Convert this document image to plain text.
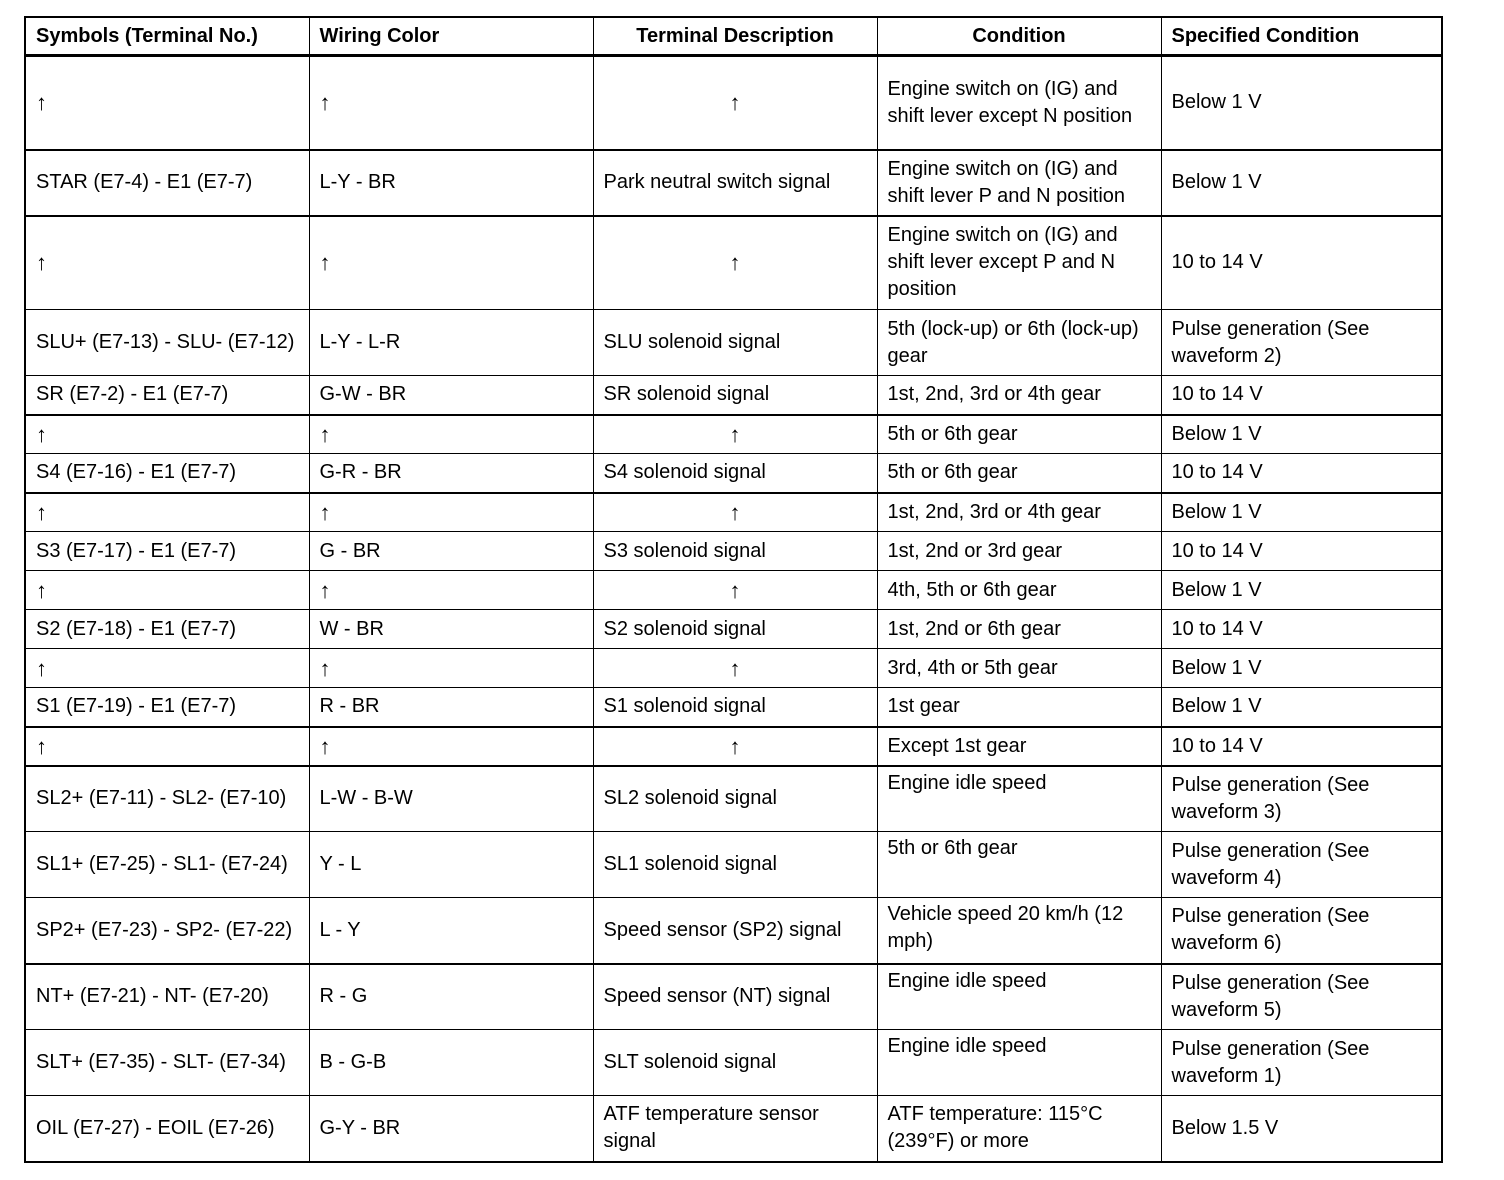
Symbols (Terminal No.)	Wiring Color	Terminal Description	Condition	Specified Condition
↑	↑	↑	Engine switch on (IG) and shift lever except N position	Below 1 V
STAR (E7-4) - E1 (E7-7)	L-Y - BR	Park neutral switch signal	Engine switch on (IG) and shift lever P and N position	Below 1 V
↑	↑	↑	Engine switch on (IG) and shift lever except P and N position	10 to 14 V
SLU+ (E7-13) - SLU- (E7-12)	L-Y - L-R	SLU solenoid signal	5th (lock-up) or 6th (lock-up) gear	Pulse generation (See waveform 2)
SR (E7-2) - E1 (E7-7)	G-W - BR	SR solenoid signal	1st, 2nd, 3rd or 4th gear	10 to 14 V
↑	↑	↑	5th or 6th gear	Below 1 V
S4 (E7-16) - E1 (E7-7)	G-R - BR	S4 solenoid signal	5th or 6th gear	10 to 14 V
↑	↑	↑	1st, 2nd, 3rd or 4th gear	Below 1 V
S3 (E7-17) - E1 (E7-7)	G - BR	S3 solenoid signal	1st, 2nd or 3rd gear	10 to 14 V
↑	↑	↑	4th, 5th or 6th gear	Below 1 V
S2 (E7-18) - E1 (E7-7)	W - BR	S2 solenoid signal	1st, 2nd or 6th gear	10 to 14 V
↑	↑	↑	3rd, 4th or 5th gear	Below 1 V
S1 (E7-19) - E1 (E7-7)	R - BR	S1 solenoid signal	1st gear	Below 1 V
↑	↑	↑	Except 1st gear	10 to 14 V
SL2+ (E7-11) - SL2- (E7-10)	L-W - B-W	SL2 solenoid signal	Engine idle speed	Pulse generation (See waveform 3)
SL1+ (E7-25) - SL1- (E7-24)	Y - L	SL1 solenoid signal	5th or 6th gear	Pulse generation (See waveform 4)
SP2+ (E7-23) - SP2- (E7-22)	L - Y	Speed sensor (SP2) signal	Vehicle speed 20 km/h (12 mph)	Pulse generation (See waveform 6)
NT+ (E7-21) - NT- (E7-20)	R - G	Speed sensor (NT) signal	Engine idle speed	Pulse generation (See waveform 5)
SLT+ (E7-35) - SLT- (E7-34)	B - G-B	SLT solenoid signal	Engine idle speed	Pulse generation (See waveform 1)
OIL (E7-27) - EOIL (E7-26)	G-Y - BR	ATF temperature sensor signal	ATF temperature: 115°C (239°F) or more	Below 1.5 V
